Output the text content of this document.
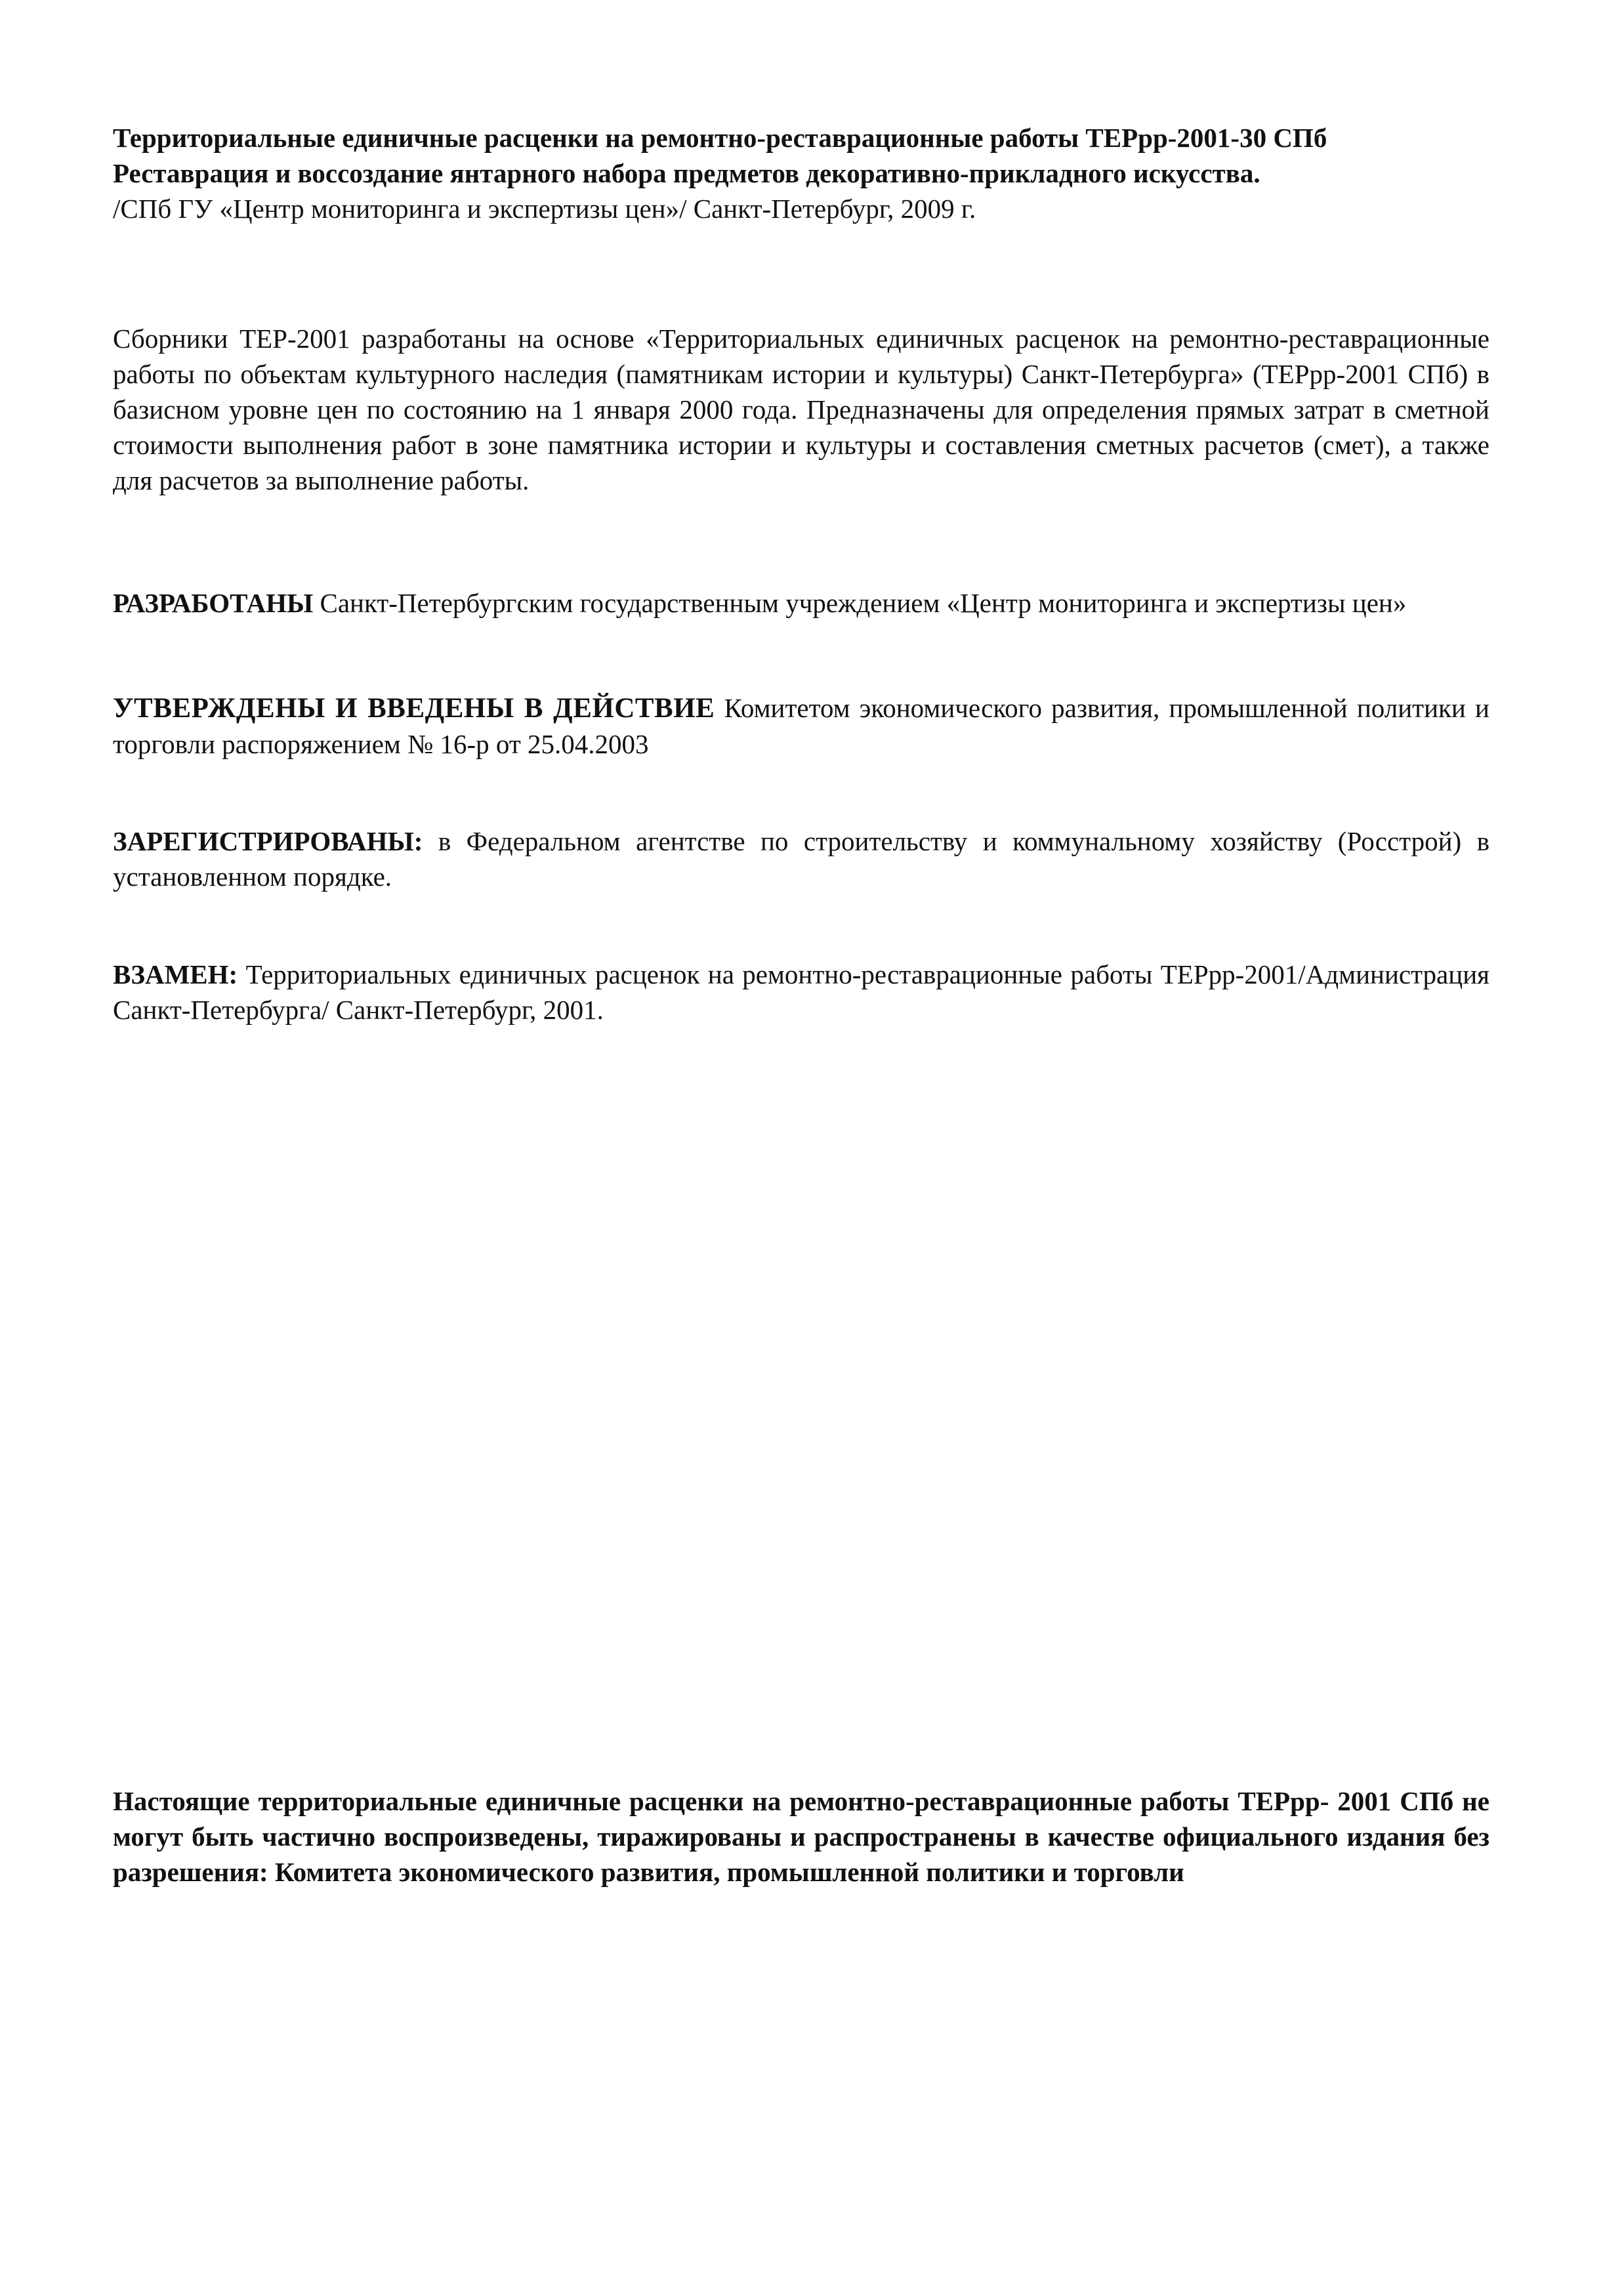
Территориальные единичные расценки на ремонтно-реставрационные работы ТЕРрр-2001-30 СПб
Реставрация и воссоздание янтарного набора предметов декоративно-прикладного искусства.
/СПб ГУ «Центр мониторинга и экспертизы цен»/ Санкт-Петербург, 2009 г.
Сборники ТЕР-2001 разработаны на основе «Территориальных единичных расценок на ремонтно-реставрационные работы по объектам культурного наследия (памятникам истории и культуры) Санкт-Петербурга» (ТЕРрр-2001 СПб) в базисном уровне цен по состоянию на 1 января 2000 года. Предназначены для определения прямых затрат в сметной стоимости выполнения работ в зоне памятника истории и культуры и составления сметных расчетов (смет), а также для расчетов за выполнение работы.
РАЗРАБОТАНЫ Санкт-Петербургским государственным учреждением «Центр мониторинга и экспертизы цен»
УТВЕРЖДЕНЫ И ВВЕДЕНЫ В ДЕЙСТВИЕ Комитетом экономического развития, промышленной политики и торговли распоряжением № 16-р от 25.04.2003
ЗАРЕГИСТРИРОВАНЫ: в Федеральном агентстве по строительству и коммунальному хозяйству (Росстрой) в установленном порядке.
ВЗАМЕН: Территориальных единичных расценок на ремонтно-реставрационные работы ТЕРрр-2001/Администрация Санкт-Петербурга/ Санкт-Петербург, 2001.
Настоящие территориальные единичные расценки на ремонтно-реставрационные работы ТЕРрр- 2001 СПб не могут быть частично воспроизведены, тиражированы и распространены в качестве официального издания без разрешения: Комитета экономического развития, промышленной политики и торговли
